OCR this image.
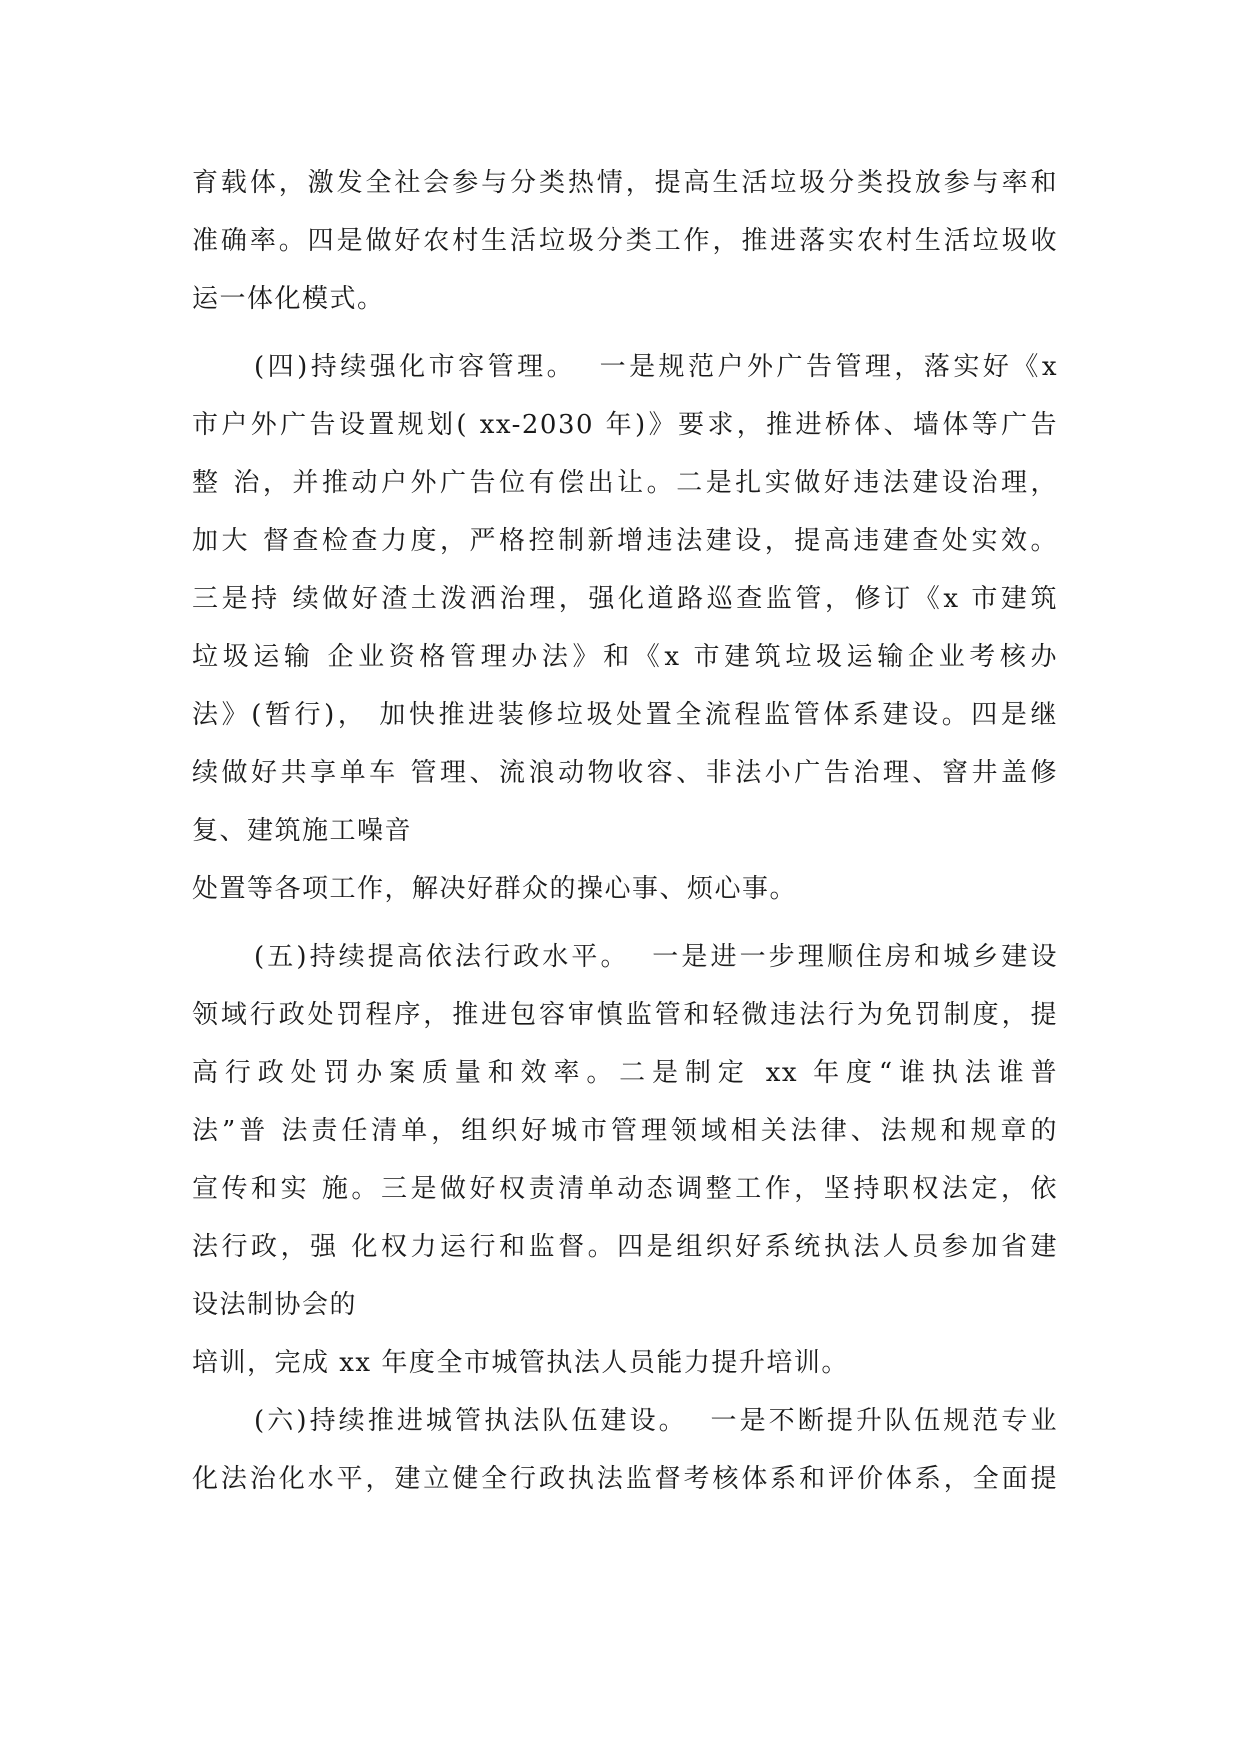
育载体，激发全社会参与分类热情，提高生活垃圾分类投放参与率和
准确率。四是做好农村生活垃圾分类工作，推进落实农村生活垃圾收
运一体化模式。
(四)持续强化市容管理。  一是规范户外广告管理，落实好《x
市户外广告设置规划( xx-2030 年)》要求，推进桥体、墙体等广告
整 治，并推动户外广告位有偿出让。二是扎实做好违法建设治理，
加大 督查检查力度，严格控制新增违法建设，提高违建查处实效。
三是持 续做好渣土泼洒治理，强化道路巡查监管，修订《x 市建筑
垃圾运输 企业资格管理办法》和《x 市建筑垃圾运输企业考核办
法》(暂行)， 加快推进装修垃圾处置全流程监管体系建设。四是继
续做好共享单车 管理、流浪动物收容、非法小广告治理、窨井盖修
复、建筑施工噪音
处置等各项工作，解决好群众的操心事、烦心事。
(五)持续提高依法行政水平。  一是进一步理顺住房和城乡建设
领域行政处罚程序，推进包容审慎监管和轻微违法行为免罚制度，提
高行政处罚办案质量和效率。二是制定 xx 年度“谁执法谁普
法”普 法责任清单，组织好城市管理领域相关法律、法规和规章的
宣传和实 施。三是做好权责清单动态调整工作，坚持职权法定，依
法行政，强 化权力运行和监督。四是组织好系统执法人员参加省建
设法制协会的
培训，完成 xx 年度全市城管执法人员能力提升培训。
(六)持续推进城管执法队伍建设。  一是不断提升队伍规范专业
化法治化水平，建立健全行政执法监督考核体系和评价体系，全面提
